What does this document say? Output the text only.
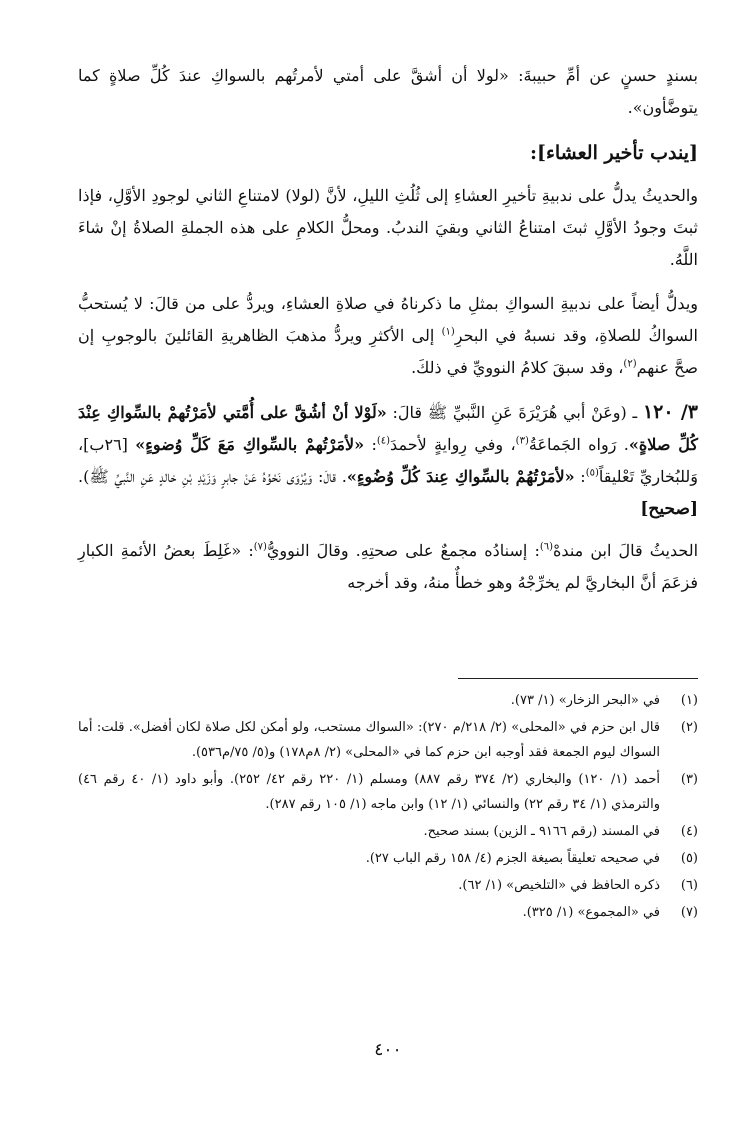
بسندٍ حسنٍ عن أمِّ حبيبةَ: «لولا أن أشقَّ على أمتي لأمرتُهم بالسواكِ عندَ كُلِّ صلاةٍ كما يتوضَّأون».

[يندب تأخير العشاء]:

والحديثُ يدلُّ على ندبيةِ تأخيرِ العشاءِ إلى ثُلُثِ الليلِ، لأنَّ (لولا) لامتناعِ الثاني لوجودِ الأوَّلِ، فإذا ثبتَ وجودُ الأوَّلِ ثبتَ امتناعُ الثاني وبقيَ الندبُ. ومحلُّ الكلامِ على هذه الجملةِ الصلاةُ إنْ شاءَ اللَّهُ.

ويدلُّ أيضاً على ندبيةِ السواكِ بمثلِ ما ذكرناهُ في صلاةِ العشاءِ، ويردُّ على من قالَ: لا يُستحبُّ السواكُ للصلاةِ، وقد نسبهُ في البحرِ$^{(١)}$ إلى الأكثرِ ويردُّ مذهبَ الظاهريةِ القائلينَ بالوجوبِ إن صحَّ عنهم$^{(٢)}$، وقد سبقَ كلامُ النوويِّ في ذلكَ.

٣/ ١٢٠ ـ (وعَنْ أبي هُرَيْرَةَ عَنِ النَّبيِّ ﷺ قالَ: «لَوْلا أنْ أشُقَّ على أُمَّتي لأمَرْتُهمْ بالسِّواكِ عِنْدَ كُلِّ صلاةٍ». رَواه الجَماعَةُ$^{(٣)}$، وفي رِوايةٍ لأحمدَ$^{(٤)}$: «لأمَرْتُهمْ بالسِّواكِ مَعَ كَلِّ وُضوءٍ» [٢٦ب]، وَللبُخاريِّ تَعْليقاً$^{(٥)}$: «لأمَرْتُهُمْ بالسِّواكِ عِندَ كُلِّ وُضُوءٍ». قالَ: وَيُرْوَى نَحْوُهُ عَنْ جابرٍ وَزَيْدِ بْنِ خالدٍ عَنِ النَّبيِّ ﷺ). [صحيح]

الحديثُ قالَ ابن مندهْ$^{(٦)}$: إسنادُه مجمعٌ على صحتِهِ. وقالَ النوويُّ$^{(٧)}$: «غَلِطَ بعضُ الأئمةِ الكبارِ فزعَمَ أنَّ البخاريَّ لم يخرِّجْهُ وهو خطأٌ منهُ، وقد أخرجه

(١)
في «البحر الزخار» (١/ ٧٣).
(٢)
قال ابن حزم في «المحلى» (٢/ ٢١٨/م ٢٧٠): «السواك مستحب، ولو أمكن لكل صلاة لكان أفضل». قلت: أما السواك ليوم الجمعة فقد أوجبه ابن حزم كما في «المحلى» (٢/ ٨م١٧٨) و(٥/ ٧٥/م٥٣٦).
(٣)
أحمد (١/ ١٢٠) والبخاري (٢/ ٣٧٤ رقم ٨٨٧) ومسلم (١/ ٢٢٠ رقم ٤٢/ ٢٥٢). وأبو داود (١/ ٤٠ رقم ٤٦) والترمذي (١/ ٣٤ رقم ٢٢) والنسائي (١/ ١٢) وابن ماجه (١/ ١٠٥ رقم ٢٨٧).
(٤)
في المسند (رقم ٩١٦٦ ـ الزين) بسند صحيح.
(٥)
في صحيحه تعليقاً بصيغة الجزم (٤/ ١٥٨ رقم الباب ٢٧).
(٦)
ذكره الحافظ في «التلخيص» (١/ ٦٢).
(٧)
في «المجموع» (١/ ٣٢٥).
٤٠٠
